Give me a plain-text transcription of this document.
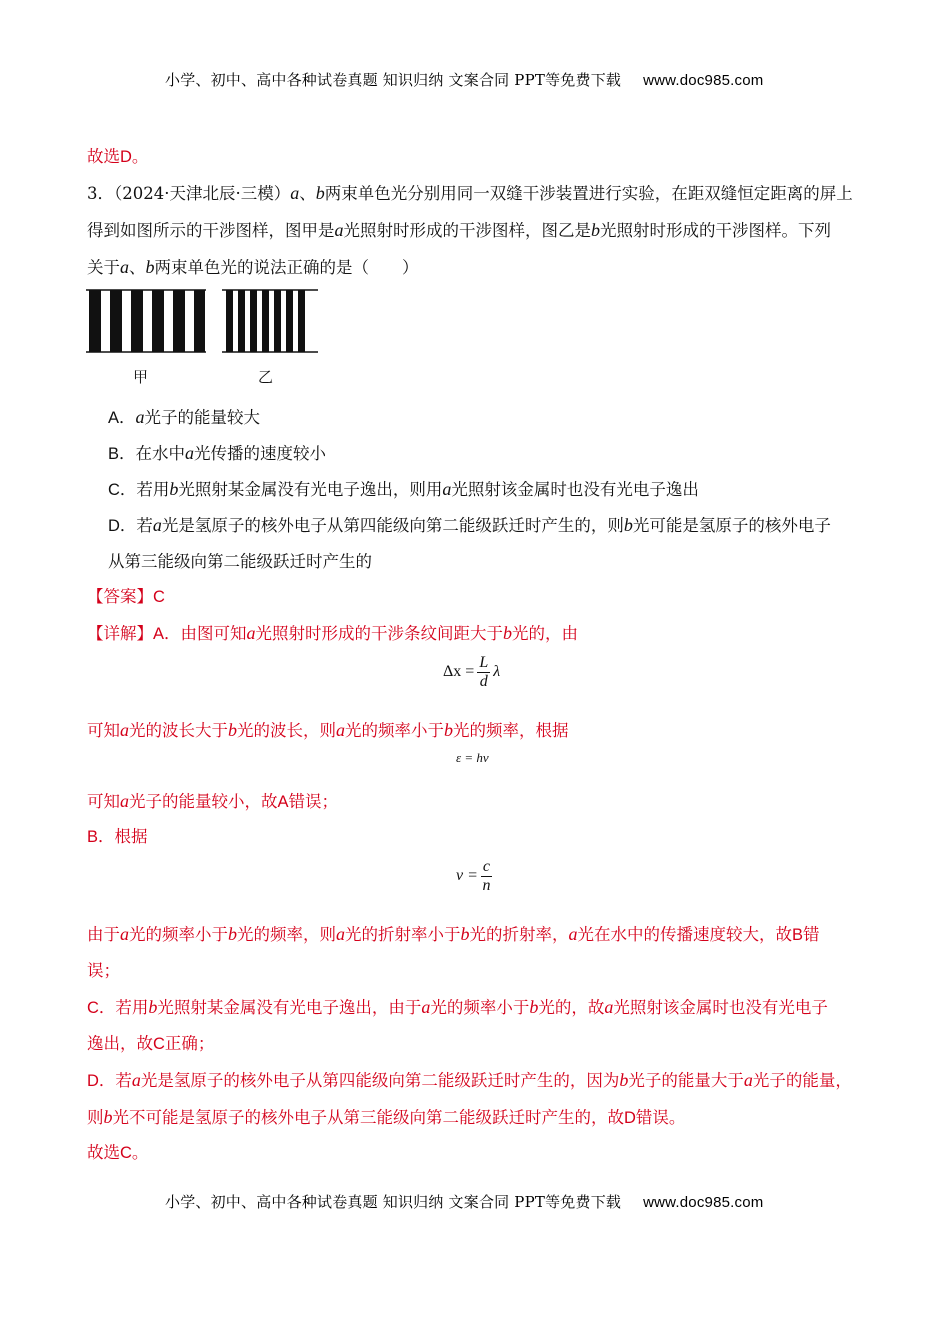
小学、初中、高中各种试卷真题 知识归纳 文案合同 PPT等免费下载 www.doc985.com
故选D。
3．（2024·天津北辰·三模）a、b两束单色光分别用同一双缝干涉装置进行实验，在距双缝恒定距离的屏上
得到如图所示的干涉图样，图甲是a光照射时形成的干涉图样，图乙是b光照射时形成的干涉图样。下列
关于a、b两束单色光的说法正确的是（　　）
甲	乙
A．a光子的能量较大
B．在水中a光传播的速度较小
C．若用b光照射某金属没有光电子逸出，则用a光照射该金属时也没有光电子逸出
D．若a光是氢原子的核外电子从第四能级向第二能级跃迁时产生的，则b光可能是氢原子的核外电子
从第三能级向第二能级跃迁时产生的
【答案】C
【详解】A．由图可知a光照射时形成的干涉条纹间距大于b光的，由
$\Delta x = \frac{L}{d}$ λ
可知a光的波长大于b光的波长，则a光的频率小于b光的频率，根据
ε = hν
可知a光子的能量较小，故A错误；
B．根据
$v = \frac{c}{n}$
由于a光的频率小于b光的频率，则a光的折射率小于b光的折射率，a光在水中的传播速度较大，故B错
误；
C．若用b光照射某金属没有光电子逸出，由于a光的频率小于b光的，故a光照射该金属时也没有光电子
逸出，故C正确；
D．若a光是氢原子的核外电子从第四能级向第二能级跃迁时产生的，因为b光子的能量大于a光子的能量，
则b光不可能是氢原子的核外电子从第三能级向第二能级跃迁时产生的，故D错误。
故选C。
小学、初中、高中各种试卷真题 知识归纳 文案合同 PPT等免费下载 www.doc985.com
